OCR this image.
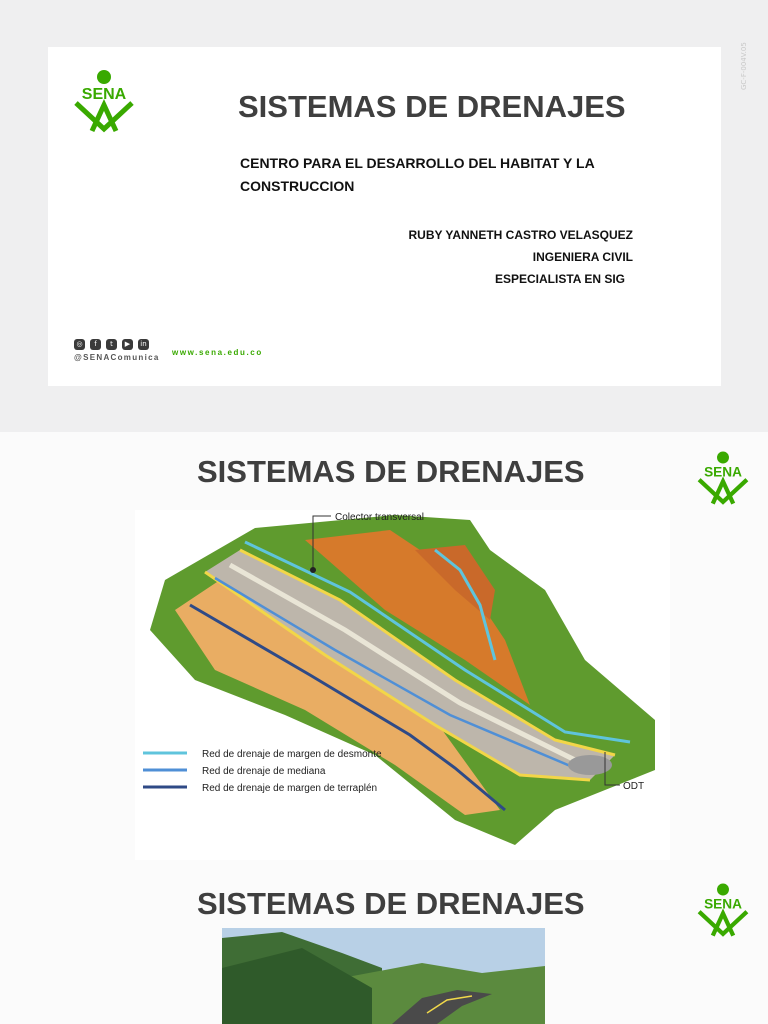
GC-F-004V.05
SENA	SISTEMAS DE DRENAJES
CENTRO PARA EL DESARROLLO DEL HABITAT Y LA CONSTRUCCION
RUBY YANNETH CASTRO VELASQUEZ
INGENIERA CIVIL
ESPECIALISTA EN SIG
◎	f	t	▶	in
@SENAComunica
www.sena.edu.co
SISTEMAS DE DRENAJES	SENA
Colector transversal
ODT
Red de drenaje de margen de desmonte
Red de drenaje de mediana
Red de drenaje de margen de terraplén
SISTEMAS DE DRENAJES	SENA
